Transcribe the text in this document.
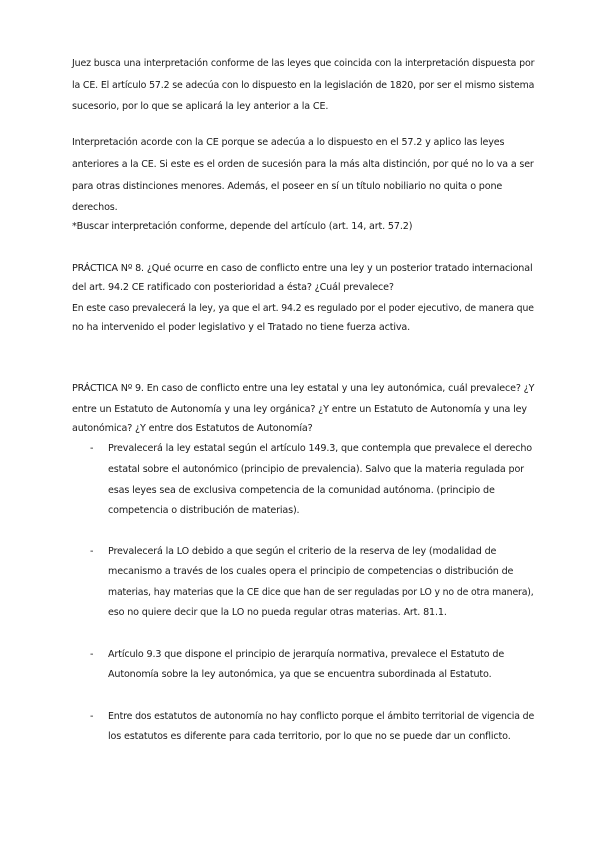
Juez busca una interpretación conforme de las leyes que coincida con la interpretación dispuesta por
la CE. El artículo 57.2 se adecúa con lo dispuesto en la legislación de 1820, por ser el mismo sistema
sucesorio, por lo que se aplicará la ley anterior a la CE.
Interpretación acorde con la CE porque se adecúa a lo dispuesto en el 57.2 y aplico las leyes
anteriores a la CE. Si este es el orden de sucesión para la más alta distinción, por qué no lo va a ser
para otras distinciones menores. Además, el poseer en sí un título nobiliario no quita o pone
derechos.
*Buscar interpretación conforme, depende del artículo (art. 14, art. 57.2)
PRÁCTICA Nº 8. ¿Qué ocurre en caso de conflicto entre una ley y un posterior tratado internacional
del art. 94.2 CE ratificado con posterioridad a ésta? ¿Cuál prevalece?
En este caso prevalecerá la ley, ya que el art. 94.2 es regulado por el poder ejecutivo, de manera que
no ha intervenido el poder legislativo y el Tratado no tiene fuerza activa.
PRÁCTICA Nº 9. En caso de conflicto entre una ley estatal y una ley autonómica, cuál prevalece? ¿Y
entre un Estatuto de Autonomía y una ley orgánica? ¿Y entre un Estatuto de Autonomía y una ley
autonómica? ¿Y entre dos Estatutos de Autonomía?
- Prevalecerá la ley estatal según el artículo 149.3, que contempla que prevalece el derecho
estatal sobre el autonómico (principio de prevalencia). Salvo que la materia regulada por
esas leyes sea de exclusiva competencia de la comunidad autónoma. (principio de
competencia o distribución de materias).
- Prevalecerá la LO debido a que según el criterio de la reserva de ley (modalidad de
mecanismo a través de los cuales opera el principio de competencias o distribución de
materias, hay materias que la CE dice que han de ser reguladas por LO y no de otra manera),
eso no quiere decir que la LO no pueda regular otras materias. Art. 81.1.
- Artículo 9.3 que dispone el principio de jerarquía normativa, prevalece el Estatuto de
Autonomía sobre la ley autonómica, ya que se encuentra subordinada al Estatuto.
- Entre dos estatutos de autonomía no hay conflicto porque el ámbito territorial de vigencia de
los estatutos es diferente para cada territorio, por lo que no se puede dar un conflicto.
